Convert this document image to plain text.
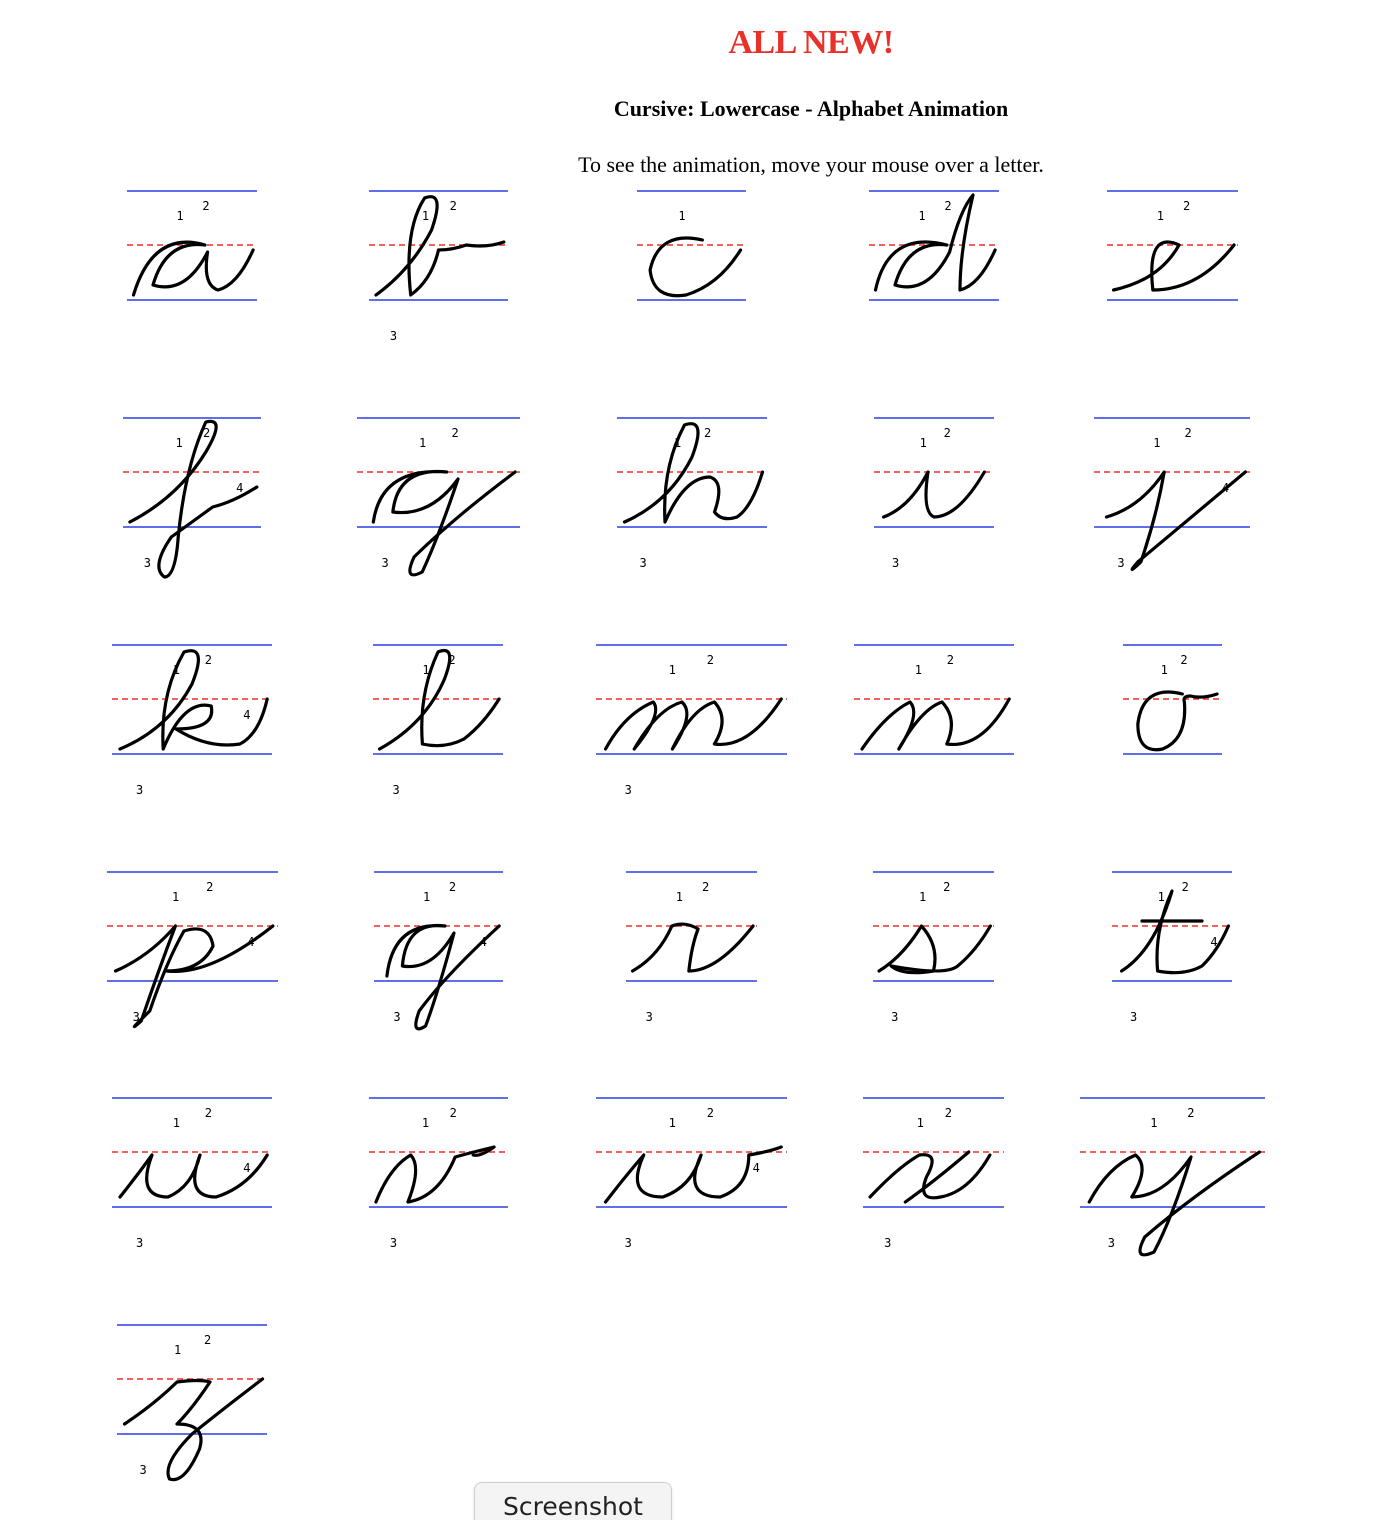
ALL NEW!
Cursive: Lowercase - Alphabet Animation
To see the animation, move your mouse over a letter.
1
2
1
2
3
1	1
2
1
2
1
2
3
4
1
2
3
1
2
3
1
2
3
1
2
3
4
1
2
3
4
1
2
3
1
2
3
1
2
1
2
1
2
3
4
1
2
3
4
1
2
3
1
2
3
1
2
3
4
1
2
3
4
1
2
3
1
2
3
4
1
2
3
1
2
3
1
2
3
Screenshot
